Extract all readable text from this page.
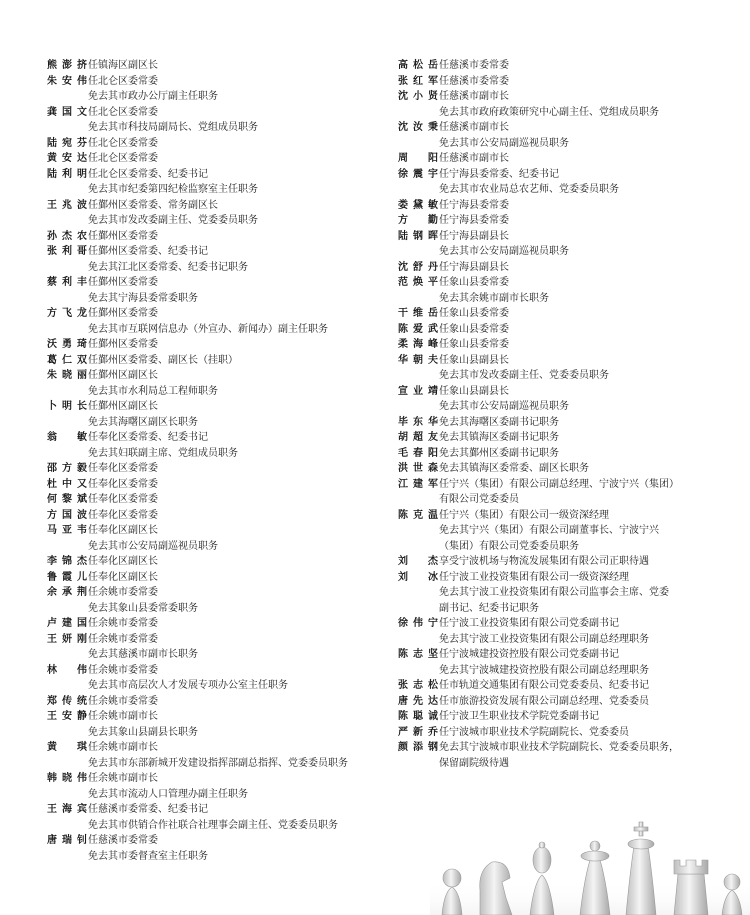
熊澎挤 任镇海区副区长
朱安伟 任北仑区委常委
免去其市政办公厅副主任职务
龚国文 任北仑区委常委
免去其市科技局副局长、党组成员职务
陆宛芬 任北仑区委常委
黄安达 任北仑区委常委
陆利明 任北仑区委常委、纪委书记
免去其市纪委第四纪检监察室主任职务
王兆波 任鄞州区委常委、常务副区长
免去其市发改委副主任、党委委员职务
孙杰农 任鄞州区委常委
张利哥 任鄞州区委常委、纪委书记
免去其江北区委常委、纪委书记职务
蔡利丰 任鄞州区委常委
免去其宁海县委常委职务
方飞龙 任鄞州区委常委
免去其市互联网信息办（外宣办、新闻办）副主任职务
沃勇琦 任鄞州区委常委
葛仁双 任鄞州区委常委、副区长（挂职）
朱晓丽 任鄞州区副区长
免去其市水利局总工程师职务
卜明长 任鄞州区副区长
免去其海曙区副区长职务
翁敏 任奉化区委常委、纪委书记
免去其妇联副主席、党组成员职务
邵方毅 任奉化区委常委
杜中又 任奉化区委常委
何黎斌 任奉化区委常委
方国波 任奉化区委常委
马亚韦 任奉化区副区长
免去其市公安局副巡视员职务
李锦杰 任奉化区副区长
鲁霞儿 任奉化区副区长
余承荆 任余姚市委常委
免去其象山县委常委职务
卢建国 任余姚市委常委
王妍刚 任余姚市委常委
免去其慈溪市副市长职务
林伟 任余姚市委常委
免去其市高层次人才发展专项办公室主任职务
郑传统 任余姚市委常委
王安静 任余姚市副市长
免去其象山县副县长职务
黄琪 任余姚市副市长
免去其市东部新城开发建设指挥部副总指挥、党委委员职务
韩晓伟 任余姚市副市长
免去其市流动人口管理办副主任职务
王海宾 任慈溪市委常委、纪委书记
免去其市供销合作社联合社理事会副主任、党委委员职务
唐瑞钊 任慈溪市委常委
免去其市委督查室主任职务
高松岳 任慈溪市委常委
张红军 任慈溪市委常委
沈小贤 任慈溪市副市长
免去其市政府政策研究中心副主任、党组成员职务
沈汝秉 任慈溪市副市长
免去其市公安局副巡视员职务
周阳 任慈溪市副市长
徐震宇 任宁海县委常委、纪委书记
免去其市农业局总农艺师、党委委员职务
娄黛敏 任宁海县委常委
方勤 任宁海县委常委
陆钢晖 任宁海县副县长
免去其市公安局副巡视员职务
沈舒丹 任宁海县副县长
范焕平 任象山县委常委
免去其余姚市副市长职务
干维岳 任象山县委常委
陈爱武 任象山县委常委
柔海峰 任象山县委常委
华朝夫 任象山县副县长
免去其市发改委副主任、党委委员职务
宣业靖 任象山县副县长
免去其市公安局副巡视员职务
毕东华 免去其海曙区委副书记职务
胡超友 免去其镇海区委副书记职务
毛春阳 免去其鄞州区委副书记职务
洪世森 免去其镇海区委常委、副区长职务
江建军 任宁兴（集团）有限公司副总经理、宁波宁兴（集团）
有限公司党委委员
陈克温 任宁兴（集团）有限公司一级资深经理
免去其宁兴（集团）有限公司副董事长、宁波宁兴
（集团）有限公司党委委员职务
刘杰 享受宁波机场与物流发展集团有限公司正职待遇
刘冰 任宁波工业投资集团有限公司一级资深经理
免去其宁波工业投资集团有限公司监事会主席、党委
副书记、纪委书记职务
徐伟宁 任宁波工业投资集团有限公司党委副书记
免去其宁波工业投资集团有限公司副总经理职务
陈志坚 任宁波城建投资控股有限公司党委副书记
免去其宁波城建投资控股有限公司副总经理职务
张志松 任市轨道交通集团有限公司党委委员、纪委书记
唐先达 任市旅游投资发展有限公司副总经理、党委委员
陈聪诚 任宁波卫生职业技术学院党委副书记
严新乔 任宁波城市职业技术学院副院长、党委委员
颜添钢 免去其宁波城市职业技术学院副院长、党委委员职务，
保留副院级待遇
